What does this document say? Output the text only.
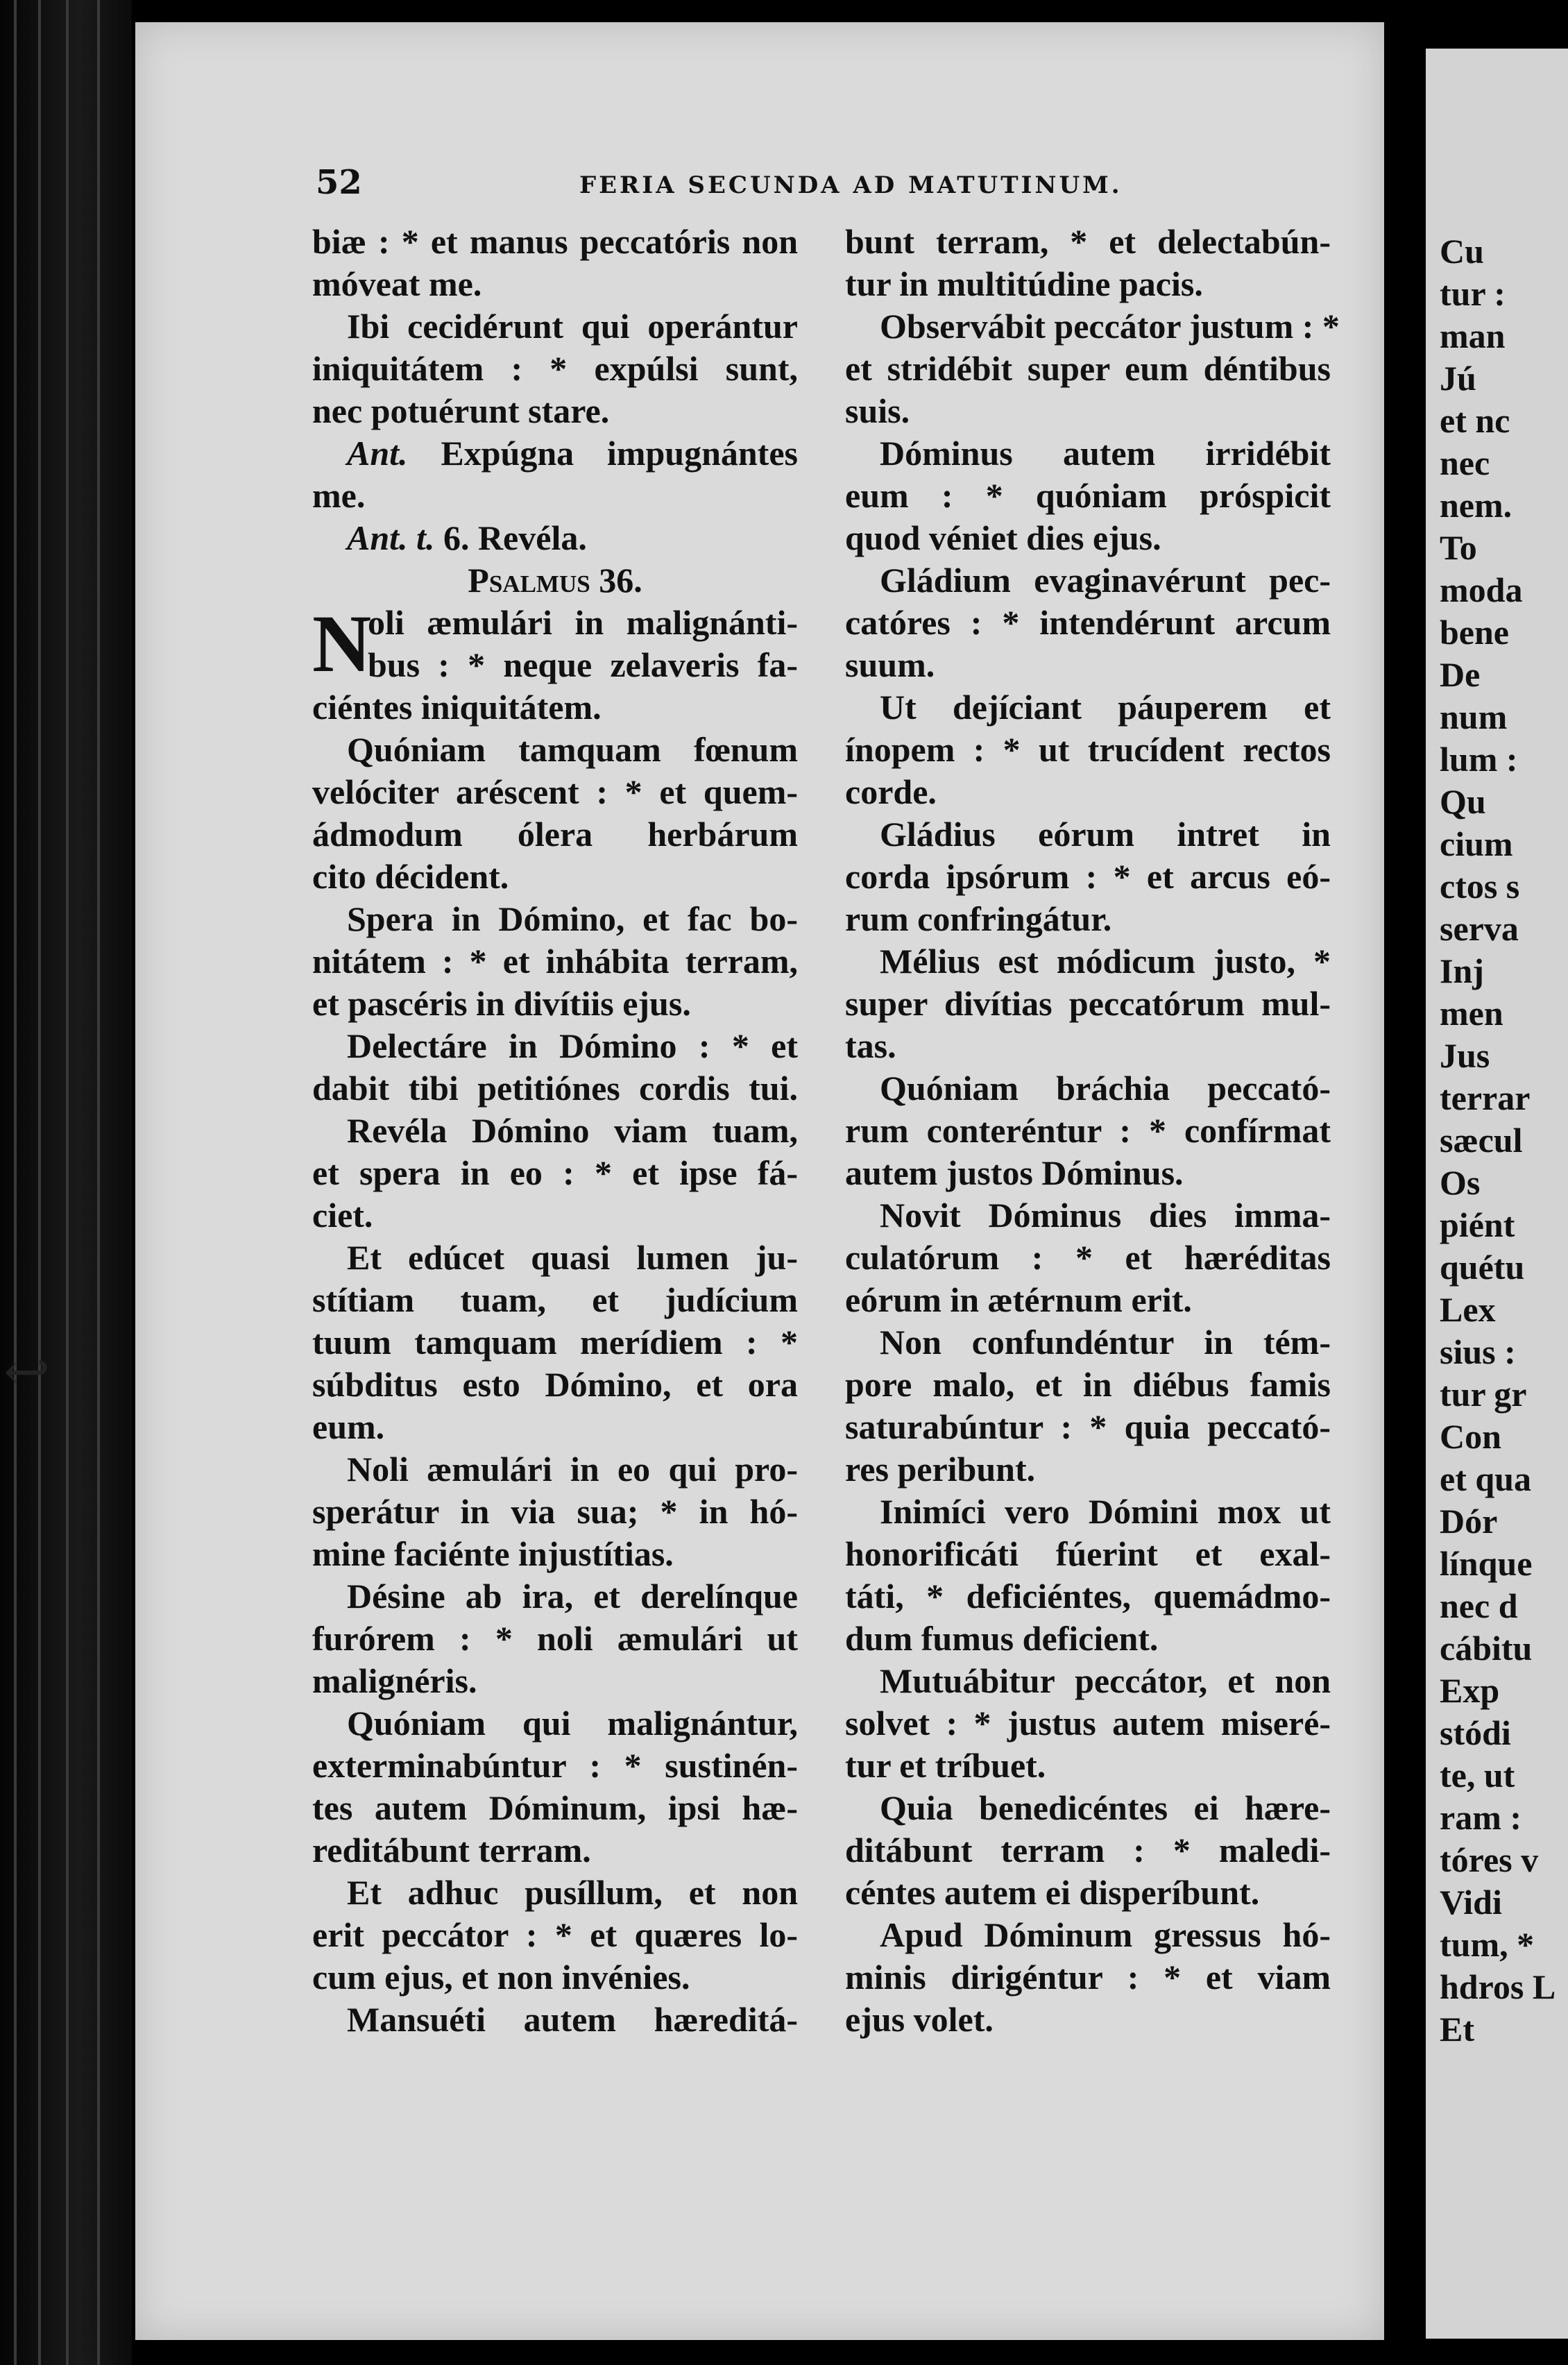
Cu
tur :
man
Jú
et nc
nec
nem.
To
moda
bene
De
num
lum :
Qu
cium
ctos s
serva
Inj
men
Jus
terrar
sæcul
Os
piént
quétu
Lex
sius :
tur gr
Con
et qua
Dór
línque
nec d
cábitu
Exp
stódi
te, ut
ram :
tóres v
Vidi
tum, *
hdros L
Et
↩
52	FERIA SECUNDA AD MATUTINUM.
biæ : * et manus peccatóris non
móveat me.
Ibi cecidérunt qui operántur
iniquitátem : * expúlsi sunt,
nec potuérunt stare.
Ant. Expúgna impugnántes
me.
Ant. t. 6. Revéla.
Psalmus 36.
oli æmulári in malignánti-
bus : * neque zelaveris fa-
ciéntes iniquitátem.
Quóniam tamquam fœnum
velóciter aréscent : * et quem-
ádmodum ólera herbárum
cito décident.
Spera in Dómino, et fac bo-
nitátem : * et inhábita terram,
et pascéris in divítiis ejus.
Delectáre in Dómino : * et
dabit tibi petitiónes cordis tui.
Revéla Dómino viam tuam,
et spera in eo : * et ipse fá-
ciet.
Et edúcet quasi lumen ju-
stítiam tuam, et judícium
tuum tamquam merídiem : *
súbditus esto Dómino, et ora
eum.
Noli æmulári in eo qui pro-
sperátur in via sua; * in hó-
mine faciénte injustítias.
Désine ab ira, et derelínque
furórem : * noli æmulári ut
malignéris.
Quóniam qui malignántur,
exterminabúntur : * sustinén-
tes autem Dóminum, ipsi hæ-
reditábunt terram.
Et adhuc pusíllum, et non
erit peccátor : * et quæres lo-
cum ejus, et non invénies.
Mansuéti autem hæreditá-
N
bunt terram, * et delectabún-
tur in multitúdine pacis.
Observábit peccátor justum : *
et stridébit super eum déntibus
suis.
Dóminus autem irridébit
eum : * quóniam próspicit
quod véniet dies ejus.
Gládium evaginavérunt pec-
catóres : * intendérunt arcum
suum.
Ut dejíciant páuperem et
ínopem : * ut trucídent rectos
corde.
Gládius eórum intret in
corda ipsórum : * et arcus eó-
rum confringátur.
Mélius est módicum justo, *
super divítias peccatórum mul-
tas.
Quóniam bráchia peccató-
rum conteréntur : * confírmat
autem justos Dóminus.
Novit Dóminus dies imma-
culatórum : * et hæréditas
eórum in ætérnum erit.
Non confundéntur in tém-
pore malo, et in diébus famis
saturabúntur : * quia peccató-
res peribunt.
Inimíci vero Dómini mox ut
honorificáti fúerint et exal-
táti, * deficiéntes, quemádmo-
dum fumus deficient.
Mutuábitur peccátor, et non
solvet : * justus autem miseré-
tur et tríbuet.
Quia benedicéntes ei hære-
ditábunt terram : * maledi-
céntes autem ei disperíbunt.
Apud Dóminum gressus hó-
minis dirigéntur : * et viam
ejus volet.
